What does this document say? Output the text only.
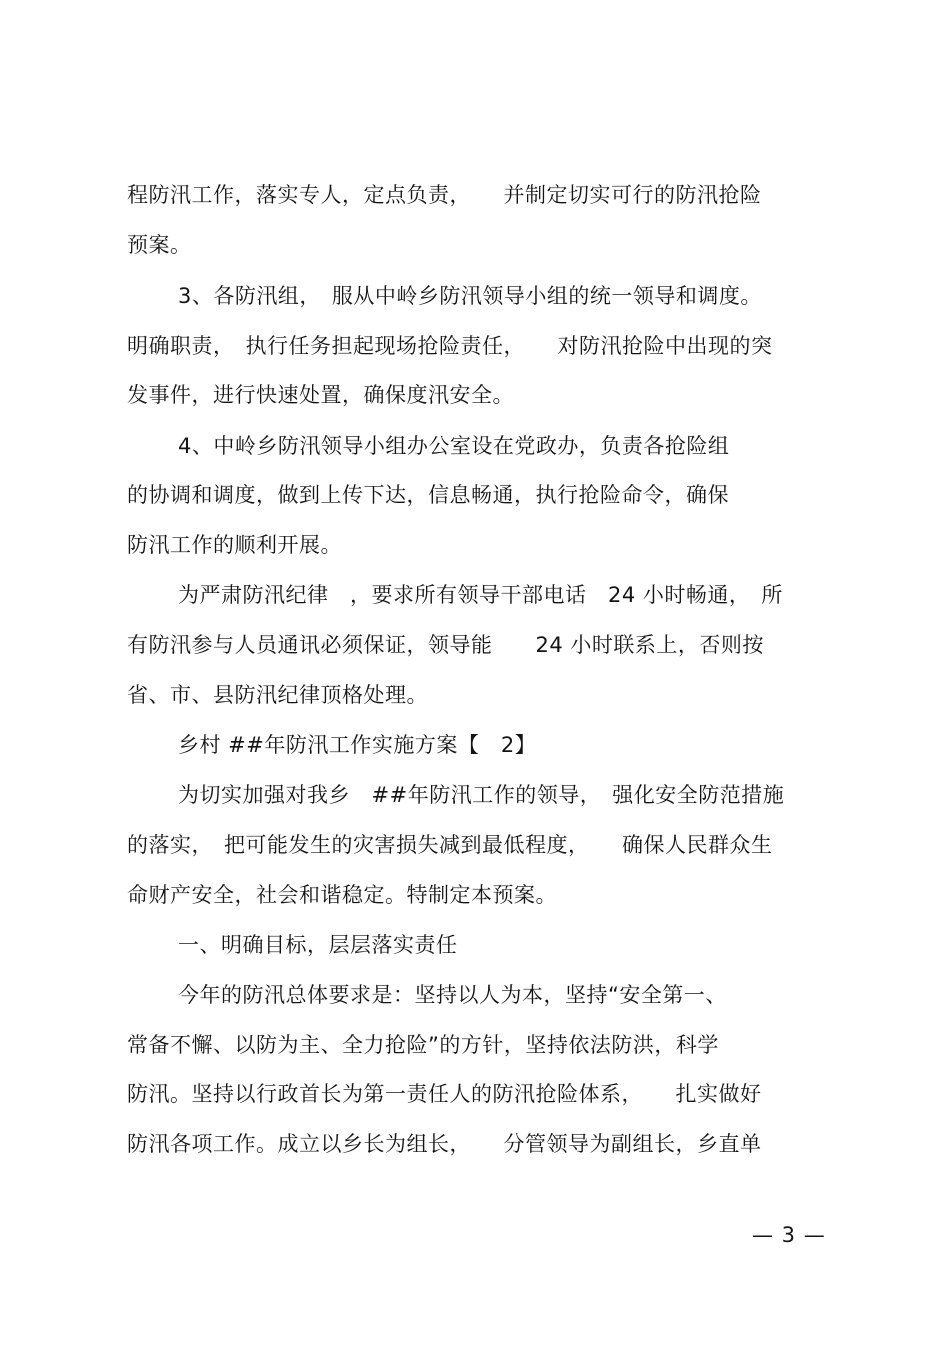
程防汛工作，落实专人，定点负责，　　并制定切实可行的防汛抢险
预案。
3、各防汛组，　服从中岭乡防汛领导小组的统一领导和调度。
明确职责，　执行任务担起现场抢险责任，　　对防汛抢险中出现的突
发事件，进行快速处置，确保度汛安全。
4、中岭乡防汛领导小组办公室设在党政办，负责各抢险组
的协调和调度，做到上传下达，信息畅通，执行抢险命令，确保
防汛工作的顺利开展。
为严肃防汛纪律　，要求所有领导干部电话　24 小时畅通，　所
有防汛参与人员通讯必须保证，领导能　　24 小时联系上，否则按
省、市、县防汛纪律顶格处理。
乡村 ##年防汛工作实施方案【　2】
为切实加强对我乡　##年防汛工作的领导，　强化安全防范措施
的落实，　把可能发生的灾害损失减到最低程度，　　确保人民群众生
命财产安全，社会和谐稳定。特制定本预案。
一、明确目标，层层落实责任
今年的防汛总体要求是：坚持以人为本，坚持“安全第一、
常备不懈、以防为主、全力抢险”的方针，坚持依法防洪，科学
防汛。坚持以行政首长为第一责任人的防汛抢险体系，　　扎实做好
防汛各项工作。成立以乡长为组长，　　分管领导为副组长，乡直单
— 3 —
